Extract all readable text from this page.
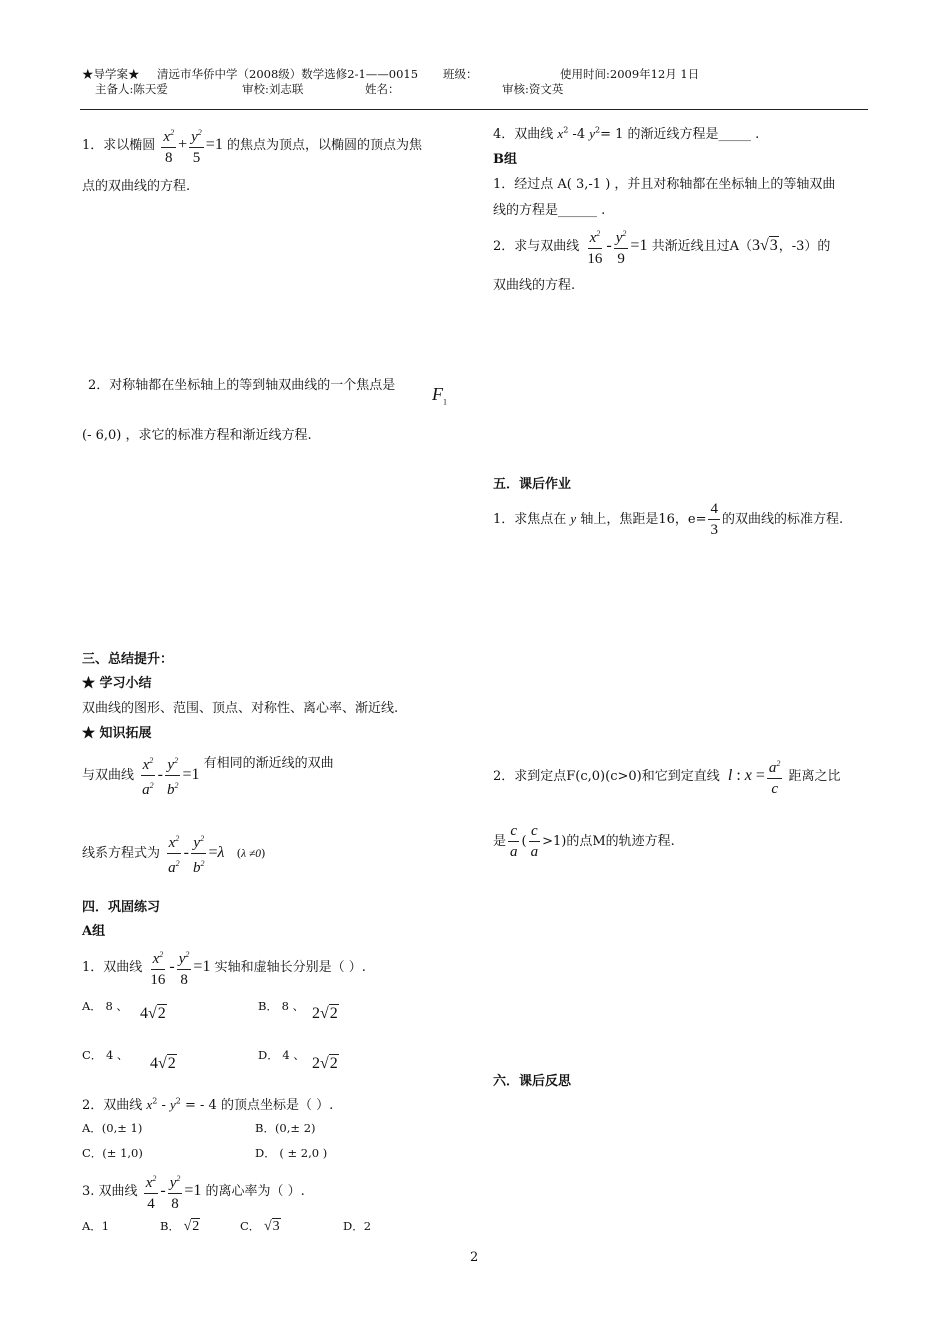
★导学案★ 清远市华侨中学（2008级）数学选修2-1——0015 班级：	使用时间:2009年12月 1日
主备人:陈天爱	审校:刘志联	姓名：	审核:资文英
1．求以椭圆 $\frac{x^2}{8} + \frac{y^2}{5} =1$ 的焦点为顶点，以椭圆的顶点为焦
点的双曲线的方程.
2．对称轴都在坐标轴上的等到轴双曲线的一个焦点是 $F_1$
(- 6,0) ，求它的标准方程和渐近线方程.
三、总结提升：
★ 学习小结
双曲线的图形、范围、顶点、对称性、离心率、渐近线.
★ 知识拓展
与双曲线 $\frac{x^2}{a^2} - \frac{y^2}{b^2} =1$ 有相同的渐近线的双曲
线系方程式为 $\frac{x^2}{a^2} - \frac{y^2}{b^2} =\lambda$ (λ ≠0)
四．巩固练习
A组
1．双曲线 $\frac{x^2}{16} - \frac{y^2}{8} =1$ 实轴和虚轴长分别是（ ）.
A． 8 、 4√2	B． 8 、 2√2
C． 4 、 4√2	D． 4 、 2√2
2．双曲线 $x^2 - y^2$ = - 4 的顶点坐标是（ ）.
A．(0,± 1)	B．(0,± 2)
C．(± 1,0)	D． ( ± 2,0 )
3. 双曲线 $\frac{x^2}{4} - \frac{y^2}{8} =1$ 的离心率为（ ）.
A．1	B． √2	C． √3	D．2
4．双曲线 $x^2$ -4 $y^2= 1$ 的渐近线方程是_____ .
B组
1．经过点 A( 3,-1 ) ，并且对称轴都在坐标轴上的等轴双曲
线的方程是______ .
2．求与双曲线 $\frac{x^2}{16} - \frac{y^2}{9} =1$ 共渐近线且过A（3√3，-3）的
双曲线的方程.
五．课后作业
1．求焦点在 y 轴上，焦距是16，$e= \frac{4}{3}$ 的双曲线的标准方程.
2．求到定点F(c,0)(c>0)和它到定直线 l : $x = \frac{a^2}{c}$ 距离之比
是 $\frac{c}{a}$ ( $\frac{c}{a} >1$)的点M的轨迹方程.
六．课后反思
2
